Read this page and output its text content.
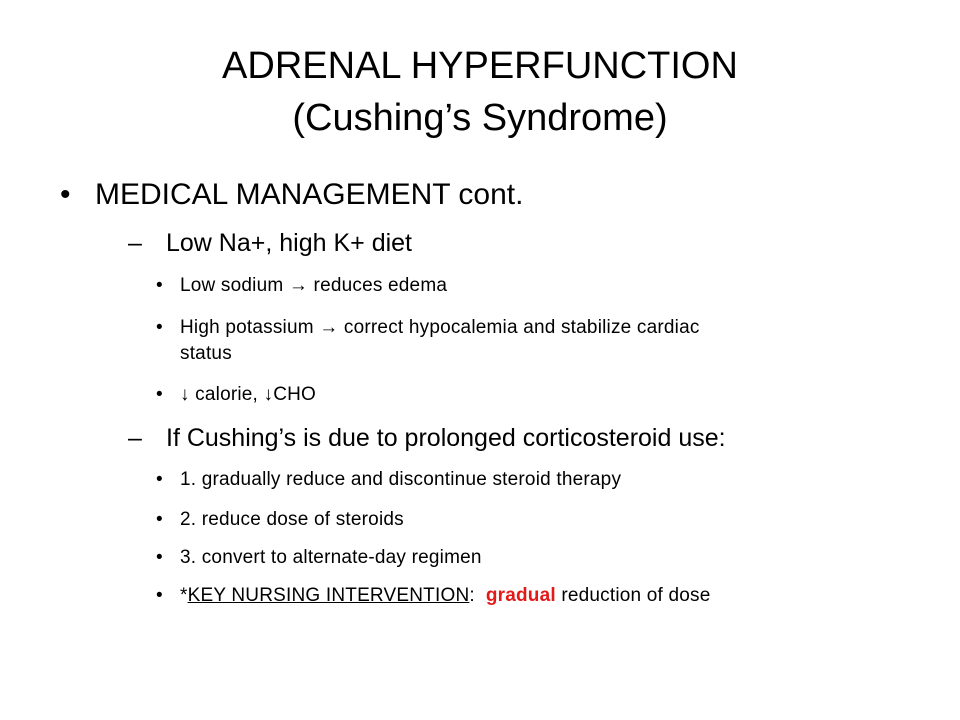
ADRENAL HYPERFUNCTION
(Cushing’s Syndrome)
• MEDICAL MANAGEMENT cont.
– Low Na+, high K+ diet
• Low sodium → reduces edema
• High potassium → correct hypocalemia and stabilize cardiac
status
• ↓ calorie, ↓CHO
– If Cushing’s is due to prolonged corticosteroid use:
• 1. gradually reduce and discontinue steroid therapy
• 2. reduce dose of steroids
• 3. convert to alternate-day regimen
• *KEY NURSING INTERVENTION:  gradual reduction of dose
